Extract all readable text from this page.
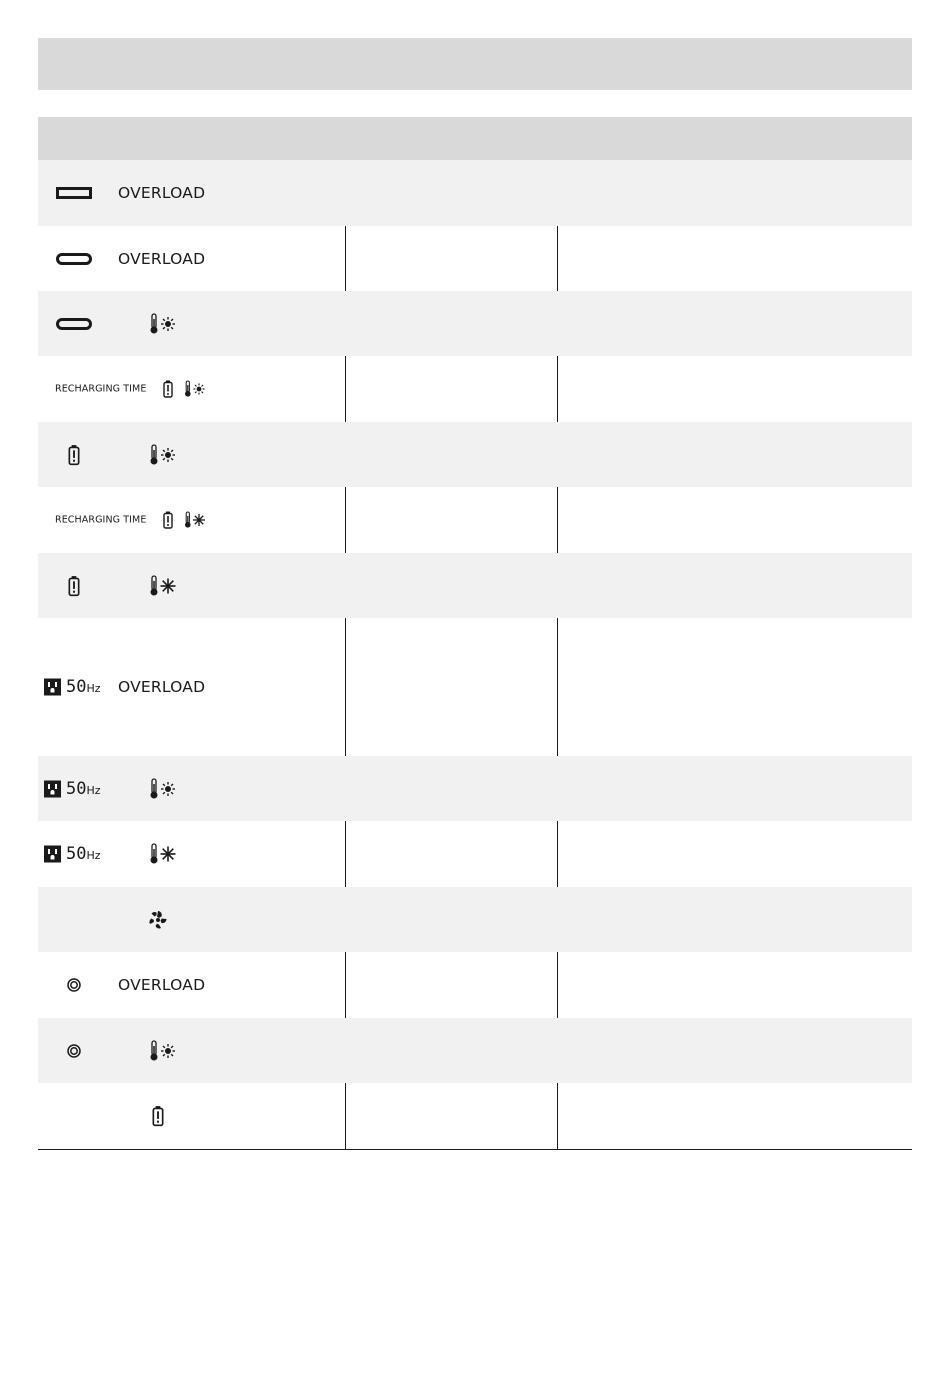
OVERLOAD
OVERLOAD
RECHARGING TIME
RECHARGING TIME
50Hz OVERLOAD
50Hz
50Hz
OVERLOAD
